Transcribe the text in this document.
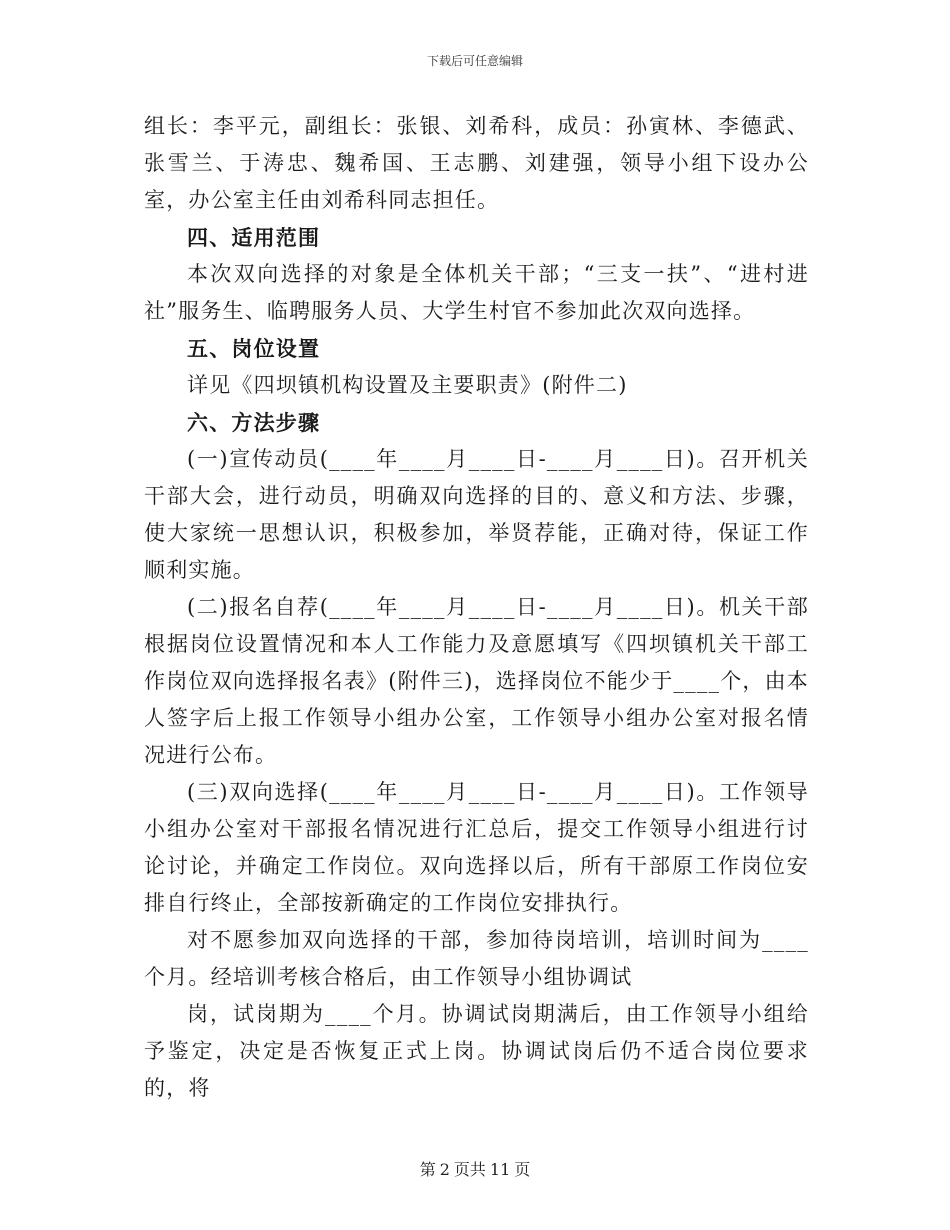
下载后可任意编辑

组长：李平元，副组长：张银、刘希科，成员：孙寅林、李德武、张雪兰、于涛忠、魏希国、王志鹏、刘建强，领导小组下设办公室，办公室主任由刘希科同志担任。

四、适用范围

本次双向选择的对象是全体机关干部；“三支一扶”、“进村进社”服务生、临聘服务人员、大学生村官不参加此次双向选择。

五、岗位设置

详见《四坝镇机构设置及主要职责》(附件二)

六、方法步骤

(一)宣传动员(____年____月____日-____月____日)。召开机关干部大会，进行动员，明确双向选择的目的、意义和方法、步骤，使大家统一思想认识，积极参加，举贤荐能，正确对待，保证工作顺利实施。

(二)报名自荐(____年____月____日-____月____日)。机关干部根据岗位设置情况和本人工作能力及意愿填写《四坝镇机关干部工作岗位双向选择报名表》(附件三)，选择岗位不能少于____个，由本人签字后上报工作领导小组办公室，工作领导小组办公室对报名情况进行公布。

(三)双向选择(____年____月____日-____月____日)。工作领导小组办公室对干部报名情况进行汇总后，提交工作领导小组进行讨论讨论，并确定工作岗位。双向选择以后，所有干部原工作岗位安排自行终止，全部按新确定的工作岗位安排执行。

对不愿参加双向选择的干部，参加待岗培训，培训时间为____个月。经培训考核合格后，由工作领导小组协调试

岗，试岗期为____个月。协调试岗期满后，由工作领导小组给予鉴定，决定是否恢复正式上岗。协调试岗后仍不适合岗位要求的，将

第 2 页共 11 页
